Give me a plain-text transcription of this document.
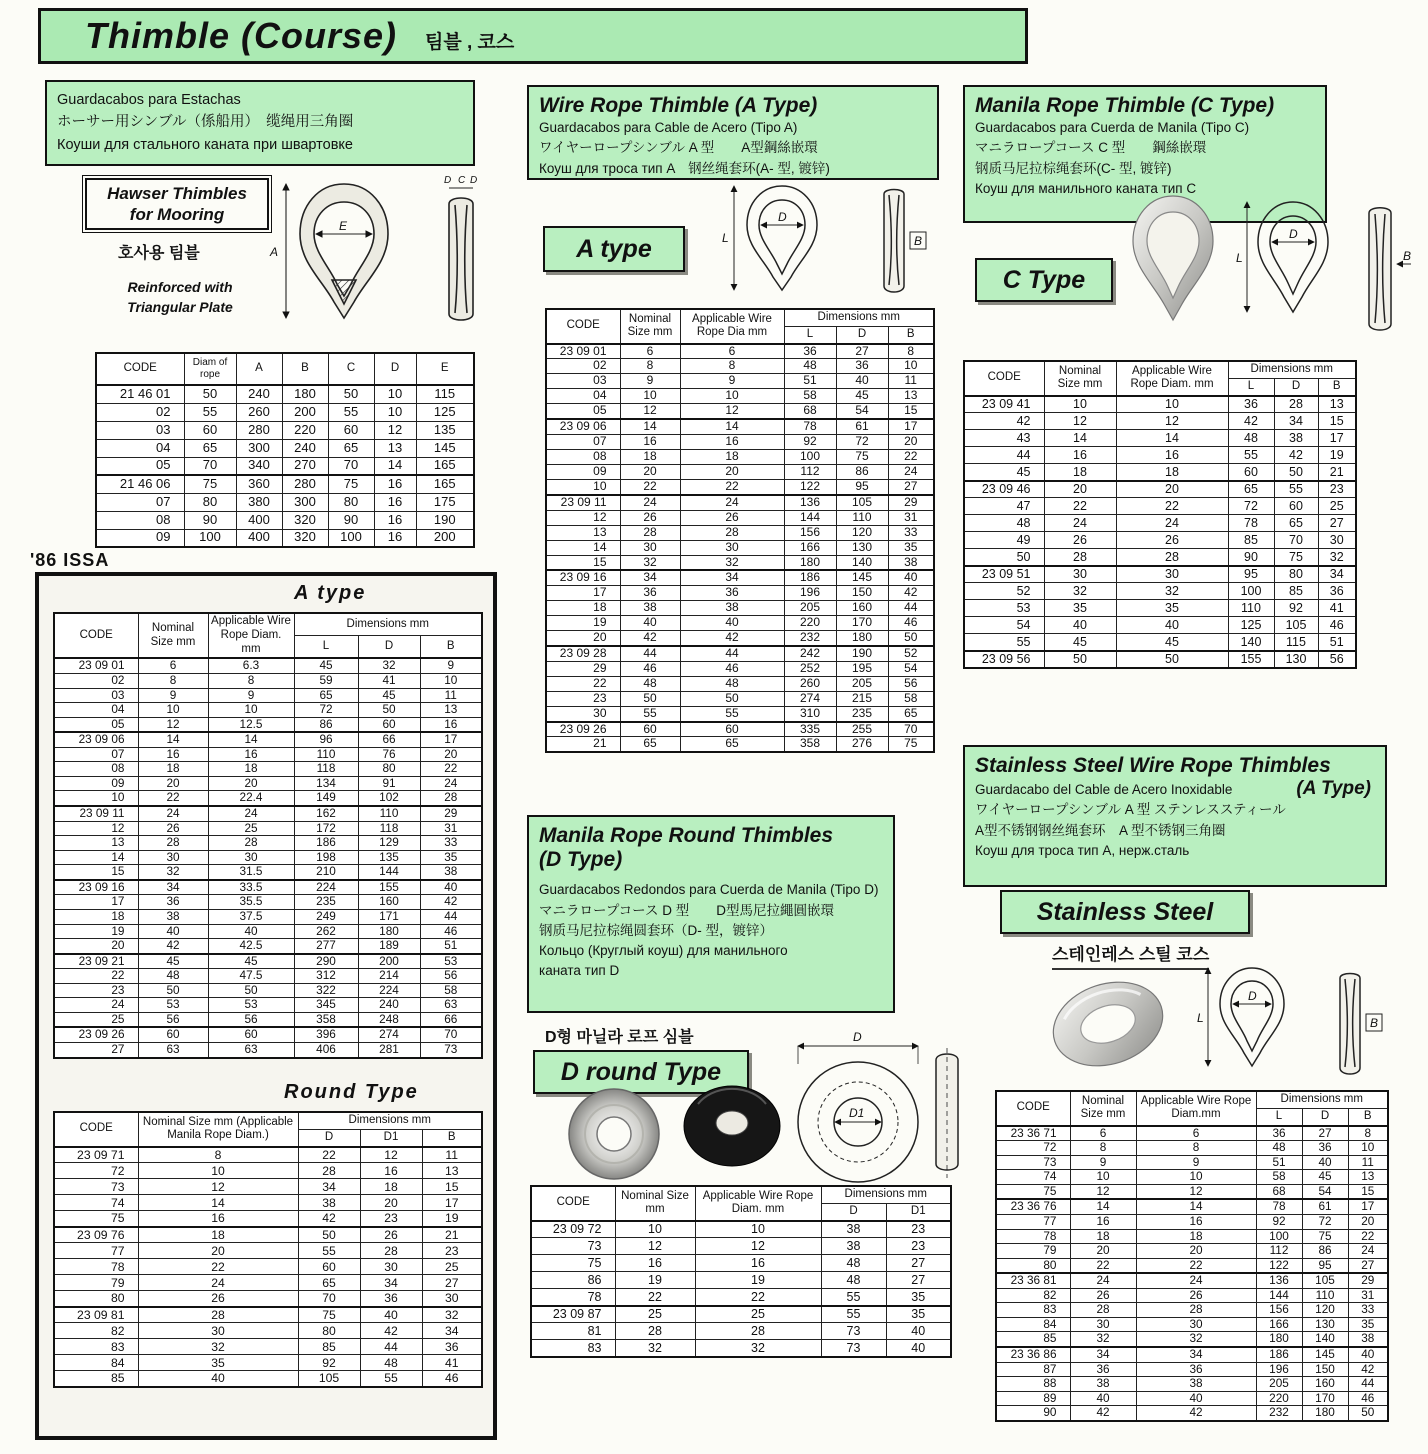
Thimble (Course) 팀블 , 코스
Guardacabos para Estachas
ホーサー用シンブル（係船用）　缆绳用三角圈
Коуши для стального каната при швартовке
Hawser Thimbles
for Mooring
호사용 팀블
Reinforced with
Triangular Plate
A
E
D C D
CODE	Diam of rope	A	B	C	D	E
21 46 01	50	240	180	50	10	115
02	55	260	200	55	10	125
03	60	280	220	60	12	135
04	65	300	240	65	13	145
05	70	340	270	70	14	165
21 46 06	75	360	280	75	16	165
07	80	380	300	80	16	175
08	90	400	320	90	16	190
09	100	400	320	100	16	200
'86 ISSA
A type
CODE	Nominal Size mm	Applicable Wire Rope Diam. mm	Dimensions mm		
			L	D	B
23 09 01	6	6.3	45	32	9
02	8	8	59	41	10
03	9	9	65	45	11
04	10	10	72	50	13
05	12	12.5	86	60	16
23 09 06	14	14	96	66	17
07	16	16	110	76	20
08	18	18	118	80	22
09	20	20	134	91	24
10	22	22.4	149	102	28
23 09 11	24	24	162	110	29
12	26	25	172	118	31
13	28	28	186	129	33
14	30	30	198	135	35
15	32	31.5	210	144	38
23 09 16	34	33.5	224	155	40
17	36	35.5	235	160	42
18	38	37.5	249	171	44
19	40	40	262	180	46
20	42	42.5	277	189	51
23 09 21	45	45	290	200	53
22	48	47.5	312	214	56
23	50	50	322	224	58
24	53	53	345	240	63
25	56	56	358	248	66
23 09 26	60	60	396	274	70
27	63	63	406	281	73
Round Type
CODE	Nominal Size mm (Applicable Manila Rope Diam.)	Dimensions mm		
		D	D1	B
23 09 71	8	22	12	11
72	10	28	16	13
73	12	34	18	15
74	14	38	20	17
75	16	42	23	19
23 09 76	18	50	26	21
77	20	55	28	23
78	22	60	30	25
79	24	65	34	27
80	26	70	36	30
23 09 81	28	75	40	32
82	30	80	42	34
83	32	85	44	36
84	35	92	48	41
85	40	105	55	46
Wire Rope Thimble (A Type)
Guardacabos para Cable de Acero (Tipo A)
ワイヤーロープシンブル A 型　　A型鋼絲嵌環
Коуш для троса тип A　钢丝绳套环(A- 型, 镀锌)
A type	L
D
B
CODE	Nominal Size mm	Applicable Wire Rope Dia mm	Dimensions mm		
			L	D	B
23 09 01	6	6	36	27	8
02	8	8	48	36	10
03	9	9	51	40	11
04	10	10	58	45	13
05	12	12	68	54	15
23 09 06	14	14	78	61	17
07	16	16	92	72	20
08	18	18	100	75	22
09	20	20	112	86	24
10	22	22	122	95	27
23 09 11	24	24	136	105	29
12	26	26	144	110	31
13	28	28	156	120	33
14	30	30	166	130	35
15	32	32	180	140	38
23 09 16	34	34	186	145	40
17	36	36	196	150	42
18	38	38	205	160	44
19	40	40	220	170	46
20	42	42	232	180	50
23 09 28	44	44	242	190	52
29	46	46	252	195	54
22	48	48	260	205	56
23	50	50	274	215	58
30	55	55	310	235	65
23 09 26	60	60	335	255	70
21	65	65	358	276	75
Manila Rope Round Thimbles
(D Type)
Guardacabos Redondos para Cuerda de Manila (Tipo D)
マニラロープコース D 型　　D型馬尼拉繩圓嵌環
钢质马尼拉棕绳圆套环（D- 型，镀锌）
Кольцо (Круглый коуш) для манильного
каната тип D
D형 마닐라 로프 심블
D round Type
D
D1
CODE	Nominal Size mm	Applicable Wire Rope Diam. mm	Dimensions mm	
			D	D1
23 09 72	10	10	38	23
73	12	12	38	23
75	16	16	48	27
86	19	19	48	27
78	22	22	55	35
23 09 87	25	25	55	35
81	28	28	73	40
83	32	32	73	40
Manila Rope Thimble (C Type)
Guardacabos para Cuerda de Manila (Tipo C)
マニラロープコース C 型　　鋼絲嵌環
钢质马尼拉棕绳套环(C- 型, 镀锌)
Коуш для манильного каната тип C
C Type
L
D
B
CODE	Nominal Size mm	Applicable Wire Rope Diam. mm	Dimensions mm		
			L	D	B
23 09 41	10	10	36	28	13
42	12	12	42	34	15
43	14	14	48	38	17
44	16	16	55	42	19
45	18	18	60	50	21
23 09 46	20	20	65	55	23
47	22	22	72	60	25
48	24	24	78	65	27
49	26	26	85	70	30
50	28	28	90	75	32
23 09 51	30	30	95	80	34
52	32	32	100	85	36
53	35	35	110	92	41
54	40	40	125	105	46
55	45	45	140	115	51
23 09 56	50	50	155	130	56
Stainless Steel Wire Rope Thimbles
Guardacabo del Cable de Acero Inoxidable	(A Type)
ワイヤーロープシンブル A 型 ステンレススティール
A型不锈钢钢丝绳套环　A 型不锈钢三角圈
Коуш для троса тип A, нерж.сталь
Stainless Steel
스테인레스 스틸 코스
L
D
B
CODE	Nominal Size mm	Applicable Wire Rope Diam.mm	Dimensions mm		
			L	D	B
23 36 71	6	6	36	27	8
72	8	8	48	36	10
73	9	9	51	40	11
74	10	10	58	45	13
75	12	12	68	54	15
23 36 76	14	14	78	61	17
77	16	16	92	72	20
78	18	18	100	75	22
79	20	20	112	86	24
80	22	22	122	95	27
23 36 81	24	24	136	105	29
82	26	26	144	110	31
83	28	28	156	120	33
84	30	30	166	130	35
85	32	32	180	140	38
23 36 86	34	34	186	145	40
87	36	36	196	150	42
88	38	38	205	160	44
89	40	40	220	170	46
90	42	42	232	180	50
